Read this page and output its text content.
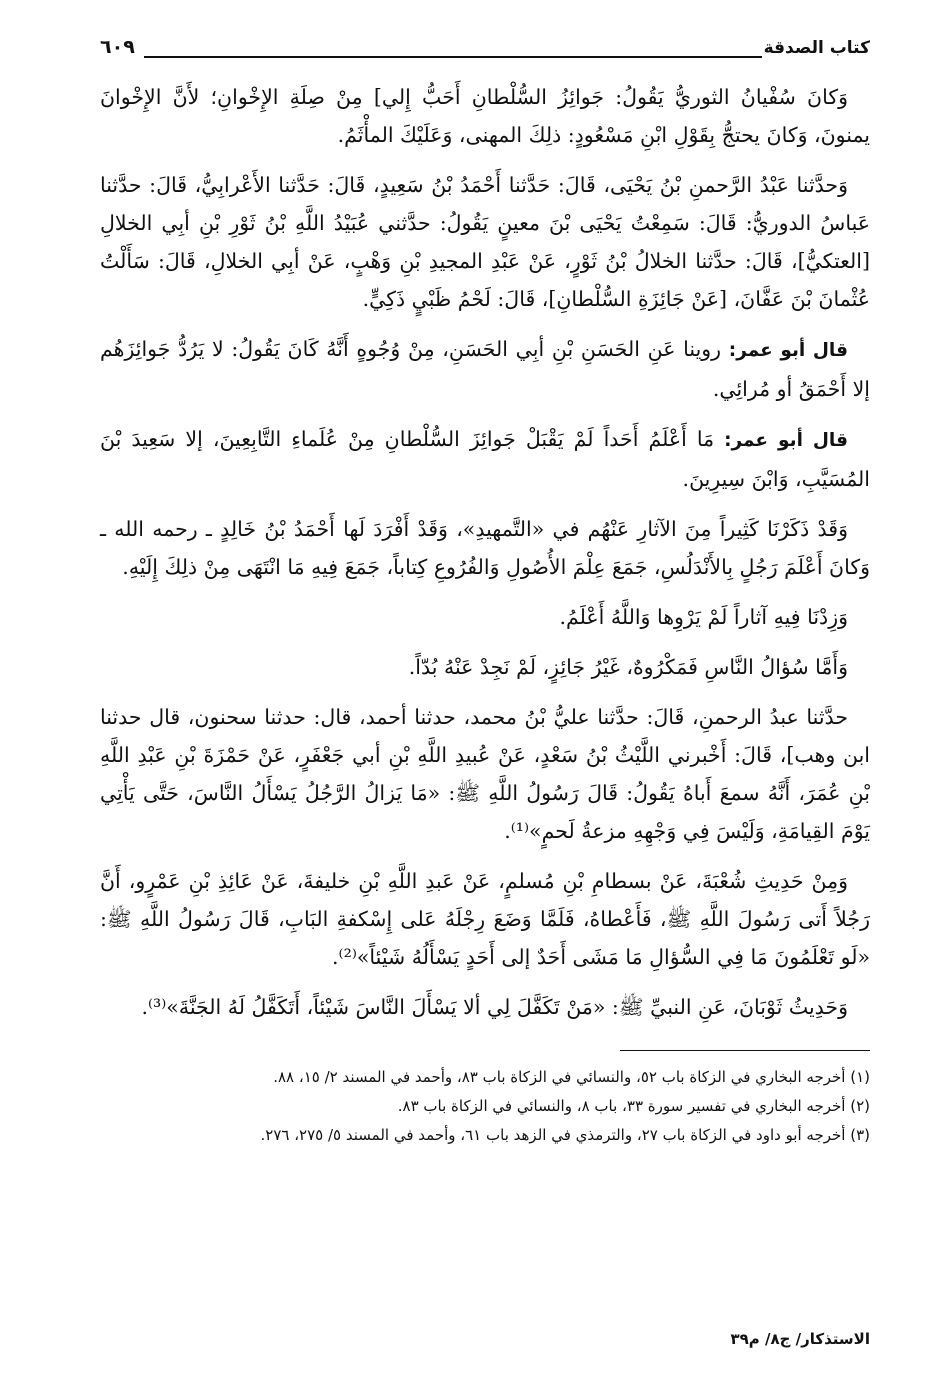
كتاب الصدقة
٦٠٩

وَكانَ سُفْيانُ الثوريُّ يَقُولُ: جَوائِزُ السُّلْطانِ أَحَبُّ إِلي] مِنْ صِلَةِ الإِخْوانِ؛ لأَنَّ الإِخْوانَ يمنونَ، وَكانَ يحتجُّ بِقَوْلِ ابْنِ مَسْعُودٍ: ذلِكَ المهنى، وَعَلَيْكَ المأْثَمُ.

وَحدَّثنا عَبْدُ الرَّحمنِ بْنُ يَحْيَى، قَالَ: حَدَّثنا أَحْمَدُ بْنُ سَعِيدٍ، قَالَ: حَدَّثنا الأَعْرابِيُّ، قَالَ: حدَّثنا عَباسُ الدوريُّ: قَالَ: سَمِعْتُ يَحْيَى بْنَ معينٍ يَقُولُ: حدَّثني عُبَيْدُ اللَّهِ بْنُ ثَوْرِ بْنِ أبِي الخلالِ [العتكيُّ]، قَالَ: حدَّثنا الخلالُ بْنُ ثَوْرٍ، عَنْ عَبْدِ المجيدِ بْنِ وَهْبٍ، عَنْ أبِي الخلالِ، قَالَ: سَأَلْتُ عُثْمانَ بْنَ عَفَّانَ، [عَنْ جَائِزَةِ السُّلْطانِ]، قَالَ: لَحْمُ ظَبْيٍ ذَكِيٍّ.

قال أبو عمر: روينا عَنِ الحَسَنِ بْنِ أبِي الحَسَنِ، مِنْ وُجُوهٍ أَنَّهُ كَانَ يَقُولُ: لا يَرُدُّ جَوائِزَهُم إلا أَحْمَقُ أو مُرائِي.

قال أبو عمر: مَا أَعْلَمُ أَحَداً لَمْ يَقْبَلْ جَوائِزَ السُّلْطانِ مِنْ عُلَماءِ التَّابِعِينَ، إلا سَعِيدَ بْنَ المُسَيَّبِ، وَابْنَ سِيرِينَ.

وَقَدْ ذَكَرْنَا كَثِيراً مِنَ الآثارِ عَنْهُم في «التَّمهيدِ»، وَقَدْ أَفْرَدَ لَها أَحْمَدُ بْنُ خَالِدٍ ـ رحمه الله ـ وَكانَ أَعْلَمَ رَجُلٍ بِالأَنْدَلُسِ، جَمَعَ عِلْمَ الأُصُولِ وَالفُرُوعِ كِتاباً، جَمَعَ فِيهِ مَا انْتَهَى مِنْ ذلِكَ إِلَيْهِ.

وَزِدْنَا فِيهِ آثاراً لَمْ يَرْوِها وَاللَّهُ أَعْلَمُ.

وَأَمَّا سُؤالُ النَّاسِ فَمَكْرُوهٌ، غَيْرُ جَائِزٍ، لَمْ نَجِدْ عَنْهُ بُدّاً.

حدَّثنا عبدُ الرحمنِ، قَالَ: حدَّثنا عليُّ بْنُ محمد، حدثنا أحمد، قال: حدثنا سحنون، قال حدثنا ابن وهب]، قَالَ: أَخْبرني اللَّيْثُ بْنُ سَعْدٍ، عَنْ عُبيدِ اللَّهِ بْنِ أبي جَعْفَرٍ، عَنْ حَمْزَةَ بْنِ عَبْدِ اللَّهِ بْنِ عُمَرَ، أَنَّهُ سمعَ أَباهُ يَقُولُ: قَالَ رَسُولُ اللَّهِ ﷺ: «مَا يَزالُ الرَّجُلُ يَسْأَلُ النَّاسَ، حَتَّى يَأْتِي يَوْمَ القِيامَةِ، وَلَيْسَ فِي وَجْهِهِ مزعةُ لَحمٍ»⁽¹⁾.

وَمِنْ حَدِيثِ شُعْبَةَ، عَنْ بسطامِ بْنِ مُسلمٍ، عَنْ عَبدِ اللَّهِ بْنِ خليفةَ، عَنْ عَائِذِ بْنِ عَمْرٍو، أَنَّ رَجُلاً أَتى رَسُولَ اللَّهِ ﷺ، فَأَعْطاهُ، فَلَمَّا وَضَعَ رِجْلَهُ عَلى إِسْكفةِ البَابِ، قَالَ رَسُولُ اللَّهِ ﷺ: «لَو تَعْلَمُونَ مَا فِي السُّؤالِ مَا مَشَى أَحَدٌ إلى أَحَدٍ يَسْأَلُهُ شَيْئاً»⁽²⁾.

وَحَدِيثُ ثَوْبَانَ، عَنِ النبيِّ ﷺ: «مَنْ تَكَفَّلَ لِي ألا يَسْأَلَ النَّاسَ شَيْئاً، أَتَكَفَّلُ لَهُ الجَنَّةَ»⁽³⁾.

(١) أخرجه البخاري في الزكاة باب ٥٢، والنسائي في الزكاة باب ٨٣، وأحمد في المسند ٢/ ١٥، ٨٨.

(٢) أخرجه البخاري في تفسير سورة ٣٣، باب ٨، والنسائي في الزكاة باب ٨٣.

(٣) أخرجه أبو داود في الزكاة باب ٢٧، والترمذي في الزهد باب ٦١، وأحمد في المسند ٥/ ٢٧٥، ٢٧٦.

الاستذكار/ ج٨/ م٣٩
